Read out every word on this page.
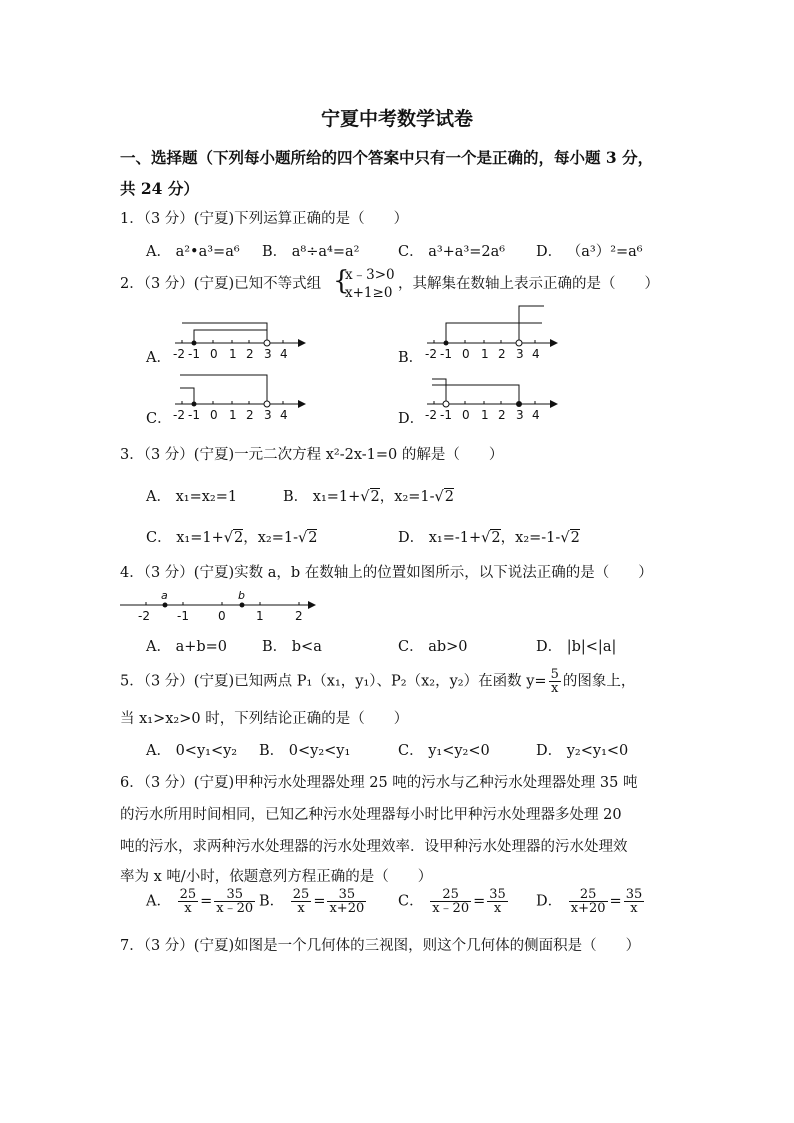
宁夏中考数学试卷
一、选择题（下列每小题所给的四个答案中只有一个是正确的，每小题 3 分，
共 24 分）
1．（3 分）(宁夏)下列运算正确的是（　　）
A． a²•a³=a⁶ B． a⁸÷a⁴=a²	C． a³+a³=2a⁶ D． （a³）²=a⁶
2．（3 分）(宁夏)已知不等式组 {
x﹣3>0
x+1≥0
，其解集在数轴上表示正确的是（　　）
A．	B．
C．	D．
-2 -1 0 1 2 3 4	-2 -1 0 1 2 3 4
-2 -1 0 1 2 3 4	-2 -1 0 1 2 3 4
3．（3 分）(宁夏)一元二次方程 x²-2x-1=0 的解是（　　）
A． x₁=x₂=1	B． x₁=1+√2，x₂=1-√2
C． x₁=1+√2，x₂=1-√2	D． x₁=-1+√2，x₂=-1-√2
4．（3 分）(宁夏)实数 a，b 在数轴上的位置如图所示，以下说法正确的是（　　）
a	b
-2 -1 0	1	2
A． a+b=0 B． b<a	C． ab>0	D． |b|<|a|
5．（3 分）(宁夏)已知两点 P₁（x₁，y₁）、P₂（x₂，y₂）在函数 $y= \frac{5}{x}$ 的图象上，
当 x₁>x₂>0 时，下列结论正确的是（　　）
A． 0<y₁<y₂ B． 0<y₂<y₁	C． y₁<y₂<0	D． y₂<y₁<0
6．（3 分）(宁夏)甲种污水处理器处理 25 吨的污水与乙种污水处理器处理 35 吨
的污水所用时间相同，已知乙种污水处理器每小时比甲种污水处理器多处理 20
吨的污水，求两种污水处理器的污水处理效率．设甲种污水处理器的污水处理效
率为 x 吨/小时，依题意列方程正确的是（　　）
A． $\frac{25}{x} = \frac{35}{x﹣20}$ B． $\frac{25}{x} = \frac{35}{x+20}$ C． $\frac{25}{x﹣20} = \frac{35}{x}$ D． $\frac{25}{x+20} = \frac{35}{x}$
7．（3 分）(宁夏)如图是一个几何体的三视图，则这个几何体的侧面积是（　　）
